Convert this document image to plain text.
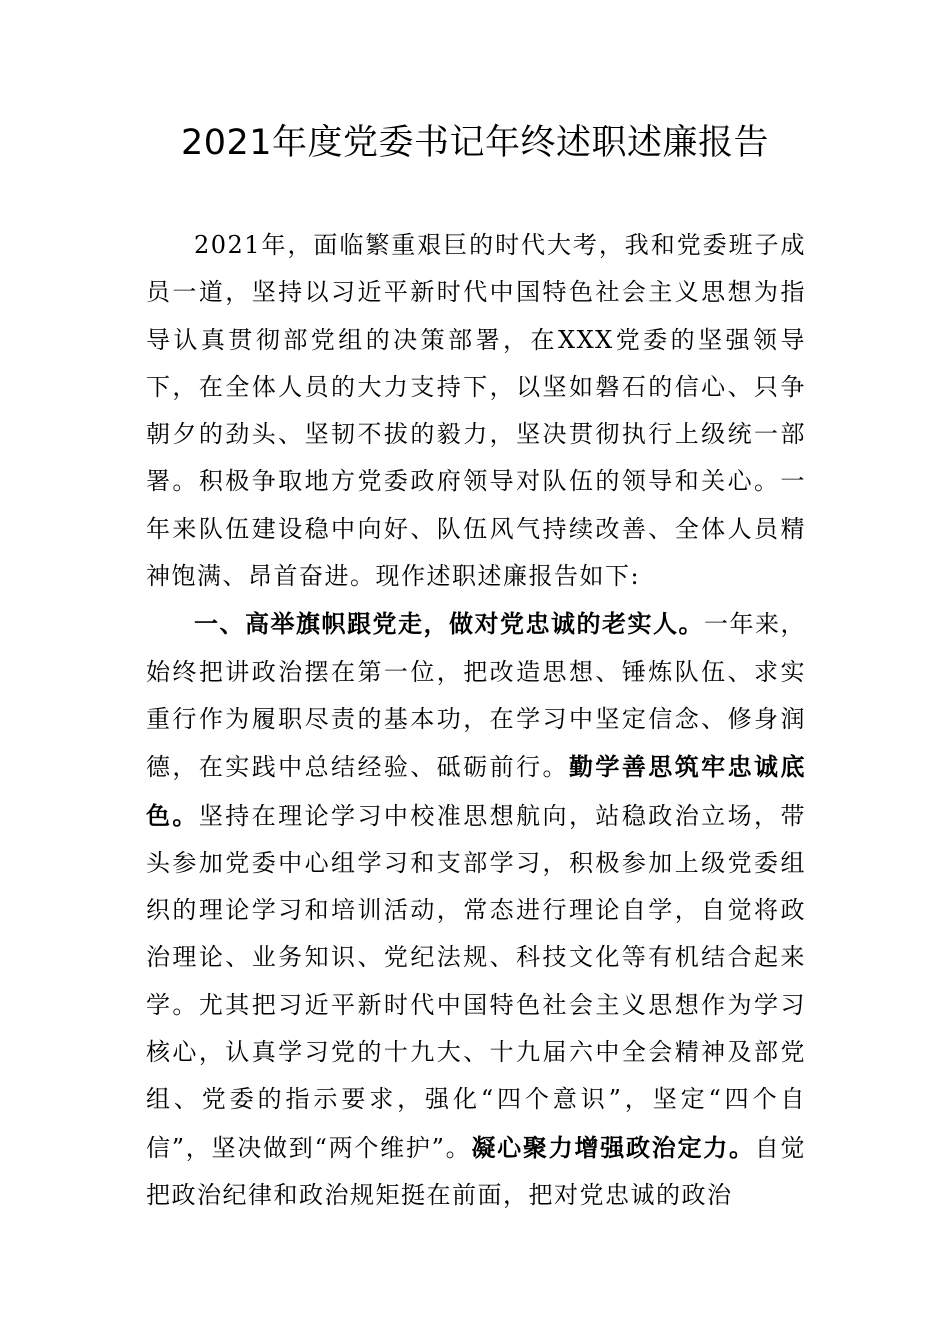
2021年度党委书记年终述职述廉报告

2021年，面临繁重艰巨的时代大考，我和党委班子成员一道，坚持以习近平新时代中国特色社会主义思想为指导认真贯彻部党组的决策部署，在XXX党委的坚强领导下，在全体人员的大力支持下，以坚如磐石的信心、只争朝夕的劲头、坚韧不拔的毅力，坚决贯彻执行上级统一部署。积极争取地方党委政府领导对队伍的领导和关心。一年来队伍建设稳中向好、队伍风气持续改善、全体人员精神饱满、昂首奋进。现作述职述廉报告如下:

一、高举旗帜跟党走，做对党忠诚的老实人。一年来，始终把讲政治摆在第一位，把改造思想、锤炼队伍、求实重行作为履职尽责的基本功，在学习中坚定信念、修身润德，在实践中总结经验、砥砺前行。勤学善思筑牢忠诚底色。坚持在理论学习中校准思想航向，站稳政治立场，带头参加党委中心组学习和支部学习，积极参加上级党委组织的理论学习和培训活动，常态进行理论自学，自觉将政治理论、业务知识、党纪法规、科技文化等有机结合起来学。尤其把习近平新时代中国特色社会主义思想作为学习核心，认真学习党的十九大、十九届六中全会精神及部党组、党委的指示要求，强化“四个意识”，坚定“四个自信”，坚决做到“两个维护”。凝心聚力增强政治定力。自觉把政治纪律和政治规矩挺在前面，把对党忠诚的政治
